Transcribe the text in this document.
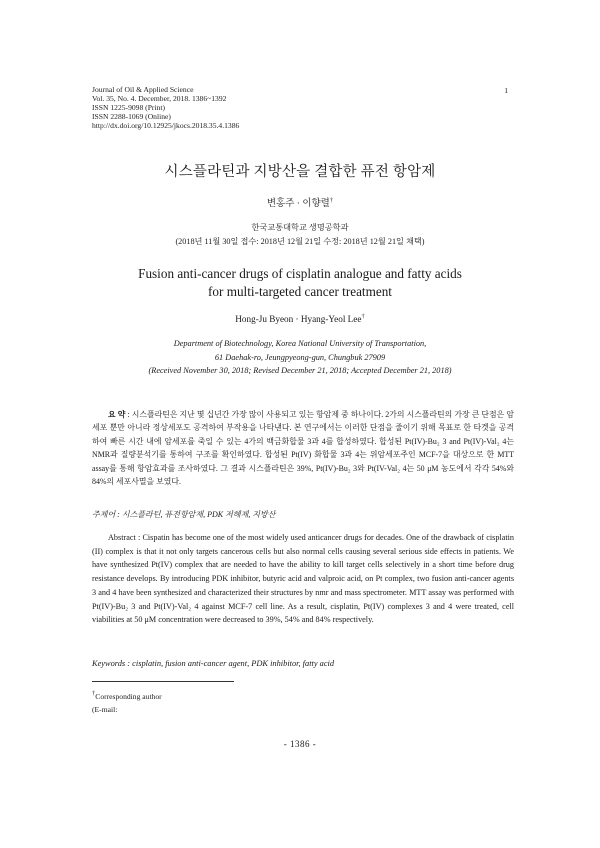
Journal of Oil & Applied Science
Vol. 35, No. 4. December, 2018. 1386~1392
ISSN 1225-9098 (Print)
ISSN 2288-1069 (Online)
http://dx.doi.org/10.12925/jkocs.2018.35.4.1386
1
시스플라틴과 지방산을 결합한 퓨전 항암제
변홍주 · 이향렬†
한국교통대학교 생명공학과
(2018년 11월 30일 접수: 2018년 12월 21일 수정: 2018년 12월 21일 채택)
Fusion anti-cancer drugs of cisplatin analogue and fatty acids
for multi-targeted cancer treatment
Hong-Ju Byeon · Hyang-Yeol Lee†
Department of Biotechnology, Korea National University of Transportation,
61 Daehak-ro, Jeungpyeong-gun, Chungbuk 27909
(Received November 30, 2018; Revised December 21, 2018; Accepted December 21, 2018)
요 약 : 시스플라틴은 지난 몇 십년간 가장 많이 사용되고 있는 항암제 중 하나이다. 2가의 시스플라틴의 가장 큰 단점은 암세포 뿐만 아니라 정상세포도 공격하여 부작용을 나타낸다. 본 연구에서는 이러한 단점을 줄이기 위해 목표로 한 타겟을 공격하여 빠른 시간 내에 암세포를 죽일 수 있는 4가의 백금화합물 3과 4를 합성하였다. 합성된 Pt(IV)-Bu₂ 3 and Pt(IV)-Val₂ 4는 NMR과 질량분석기를 통하여 구조를 확인하였다. 합성된 Pt(IV) 화합물 3과 4는 위암세포주인 MCF-7을 대상으로 한 MTT assay를 통해 항암효과를 조사하였다. 그 결과 시스플라틴은 39%, Pt(IV)-Bu₂ 3와 Pt(IV-Val₂ 4는 50 μM 농도에서 각각 54%와 84%의 세포사멸을 보였다.
주제어 : 시스플라틴, 퓨전항암제, PDK 저해제, 지방산
Abstract : Cispatin has become one of the most widely used anticancer drugs for decades. One of the drawback of cisplatin (II) complex is that it not only targets cancerous cells but also normal cells causing several serious side effects in patients. We have synthesized Pt(IV) complex that are needed to have the ability to kill target cells selectively in a short time before drug resistance develops. By introducing PDK inhibitor, butyric acid and valproic acid, on Pt complex, two fusion anti-cancer agents 3 and 4 have been synthesized and characterized their structures by nmr and mass spectrometer. MTT assay was performed with Pt(IV)-Bu₂ 3 and Pt(IV)-Val₂ 4 against MCF-7 cell line. As a result, cisplatin, Pt(IV) complexes 3 and 4 were treated, cell viabilities at 50 μM concentration were decreased to 39%, 54% and 84% respectively.
Keywords : cisplatin, fusion anti-cancer agent, PDK inhibitor, fatty acid
†Corresponding author
(E-mail:
- 1386 -
